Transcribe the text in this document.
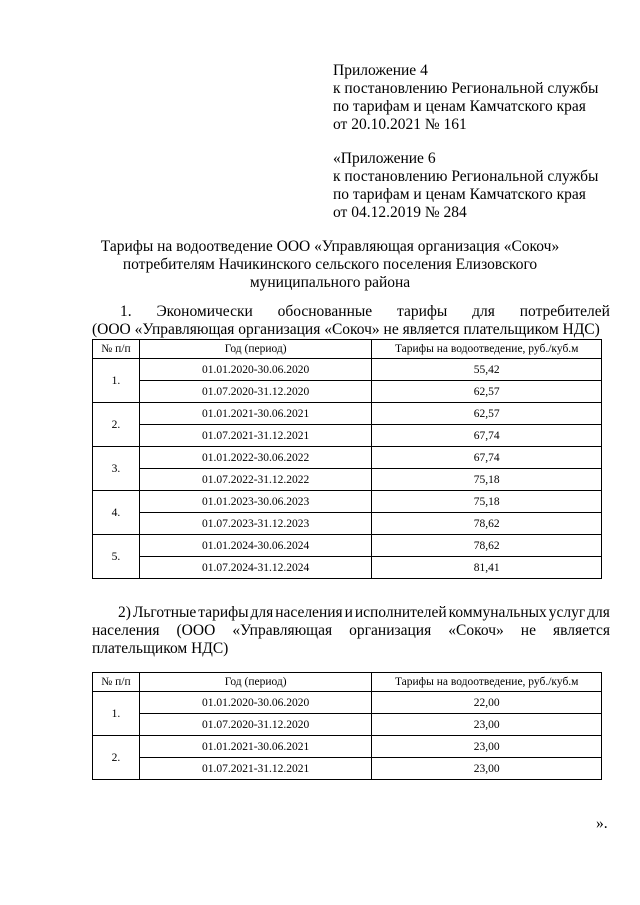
Приложение 4
к постановлению Региональной службы
по тарифам и ценам Камчатского края
от 20.10.2021 № 161
«Приложение 6
к постановлению Региональной службы
по тарифам и ценам Камчатского края
от 04.12.2019 № 284
Тарифы на водоотведение ООО «Управляющая организация «Сокоч»
потребителям Начикинского сельского поселения Елизовского
муниципального района
1. Экономически обоснованные тарифы для потребителей
(ООО «Управляющая организация «Сокоч» не является плательщиком НДС)
№ п/п	Год (период)	Тарифы на водоотведение, руб./куб.м
1.	01.01.2020-30.06.2020	55,42
	01.07.2020-31.12.2020	62,57
2.	01.01.2021-30.06.2021	62,57
	01.07.2021-31.12.2021	67,74
3.	01.01.2022-30.06.2022	67,74
	01.07.2022-31.12.2022	75,18
4.	01.01.2023-30.06.2023	75,18
	01.07.2023-31.12.2023	78,62
5.	01.01.2024-30.06.2024	78,62
	01.07.2024-31.12.2024	81,41
2) Льготные тарифы для населения и исполнителей коммунальных услуг для
населения (ООО «Управляющая организация «Сокоч» не является
плательщиком НДС)
№ п/п	Год (период)	Тарифы на водоотведение, руб./куб.м
1.	01.01.2020-30.06.2020	22,00
	01.07.2020-31.12.2020	23,00
2.	01.01.2021-30.06.2021	23,00
	01.07.2021-31.12.2021	23,00
».
